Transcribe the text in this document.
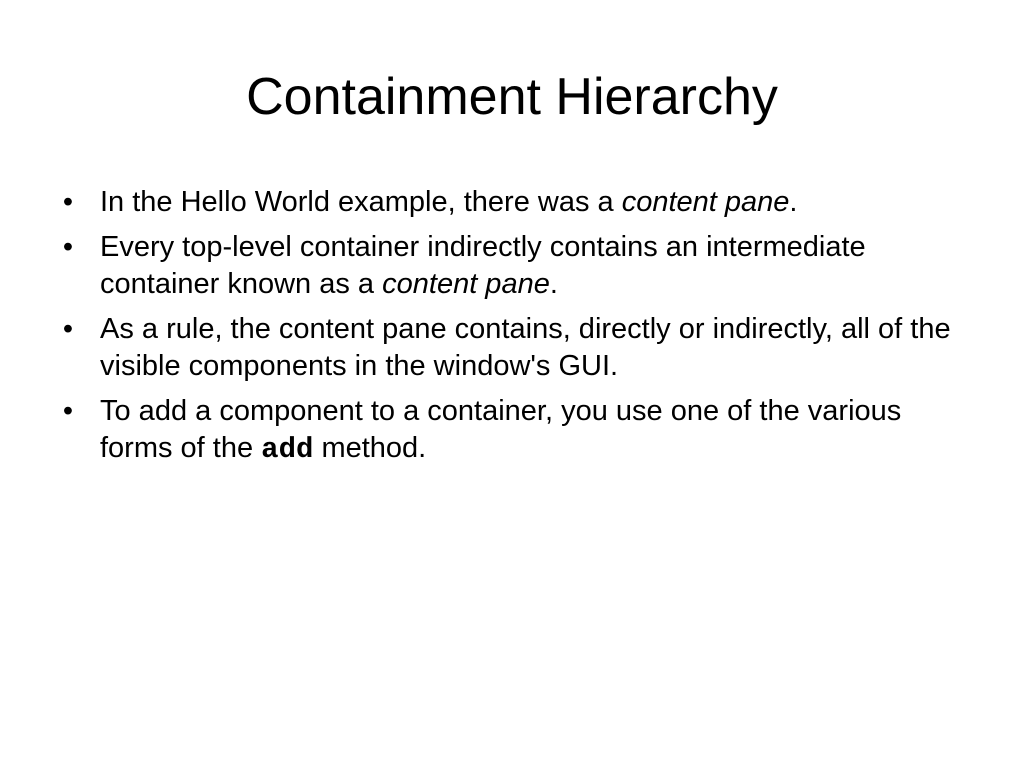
Containment Hierarchy
• In the Hello World example, there was a content pane.
• Every top-level container indirectly contains an intermediate container known as a content pane.
• As a rule, the content pane contains, directly or indirectly, all of the visible components in the window's GUI.
• To add a component to a container, you use one of the various forms of the add method.
